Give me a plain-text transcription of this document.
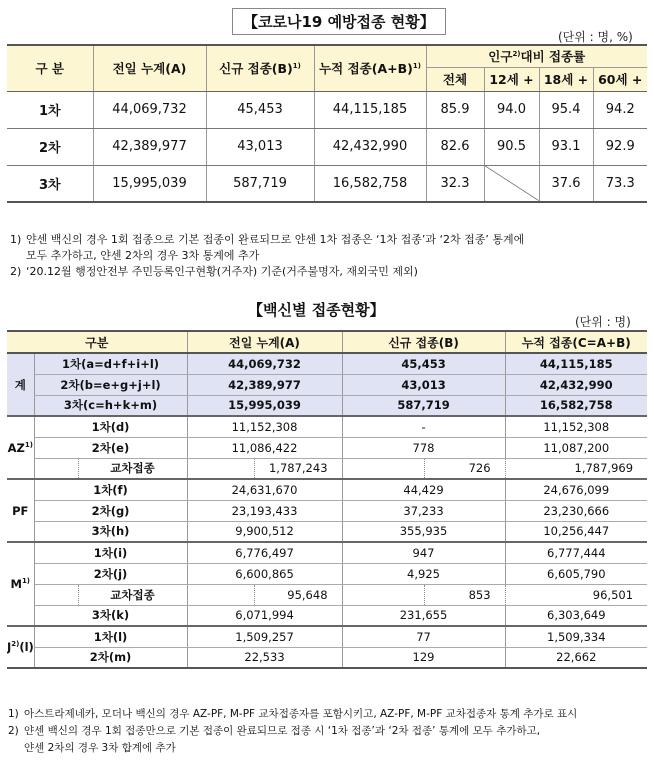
【코로나19 예방접종 현황】
(단위 : 명, %)
구 분	전일 누계(A)	신규 접종$(B)^{1)}$	누적 접종$(A+B)^{1)}$	인구$^{2)}$대비 접종률			
				전체	12세 +	18세 +	60세 +
1차	44,069,732	45,453	44,115,185	85.9	94.0	95.4	94.2
2차	42,389,977	43,013	42,432,990	82.6	90.5	93.1	92.9
3차	15,995,039	587,719	16,582,758	32.3		37.6	73.3
1) 얀센 백신의 경우 1회 접종으로 기본 접종이 완료되므로 얀센 1차 접종은 ‘1차 접종’과 ‘2차 접종’ 통계에
모두 추가하고, 얀센 2차의 경우 3차 통계에 추가
2) ‘20.12월 행정안전부 주민등록인구현황(거주자) 기준(거주불명자, 재외국민 제외)
【백신별 접종현황】
(단위 : 명)
구분			전일 누계(A)		신규 접종(B)		누적 접종(C=A+B)
계	1차(a=d+f+i+l)		44,069,732		45,453		44,115,185
	2차(b=e+g+j+l)		42,389,977		43,013		42,432,990
	3차(c=h+k+m)		15,995,039		587,719		16,582,758
AZ$^{1)}$	1차(d)		11,152,308		-		11,152,308
	2차(e)		11,086,422		778		11,087,200
		교차접종		1,787,243		726	1,787,969
PF	1차(f)		24,631,670		44,429		24,676,099
	2차(g)		23,193,433		37,233		23,230,666
	3차(h)		9,900,512		355,935		10,256,447
$M^{1)}$	1차(i)		6,776,497		947		6,777,444
	2차(j)		6,600,865		4,925		6,605,790
		교차접종		95,648		853	96,501
	3차(k)		6,071,994		231,655		6,303,649
$J^{2)}(l)$	1차(l)		1,509,257		77		1,509,334
	2차(m)		22,533		129		22,662
1) 아스트라제네카, 모더나 백신의 경우 AZ-PF, M-PF 교차접종자를 포함시키고, AZ-PF, M-PF 교차접종자 통계 추가로 표시
2) 얀센 백신의 경우 1회 접종만으로 기본 접종이 완료되므로 접종 시 ‘1차 접종’과 ‘2차 접종’ 통계에 모두 추가하고,
얀센 2차의 경우 3차 합계에 추가
